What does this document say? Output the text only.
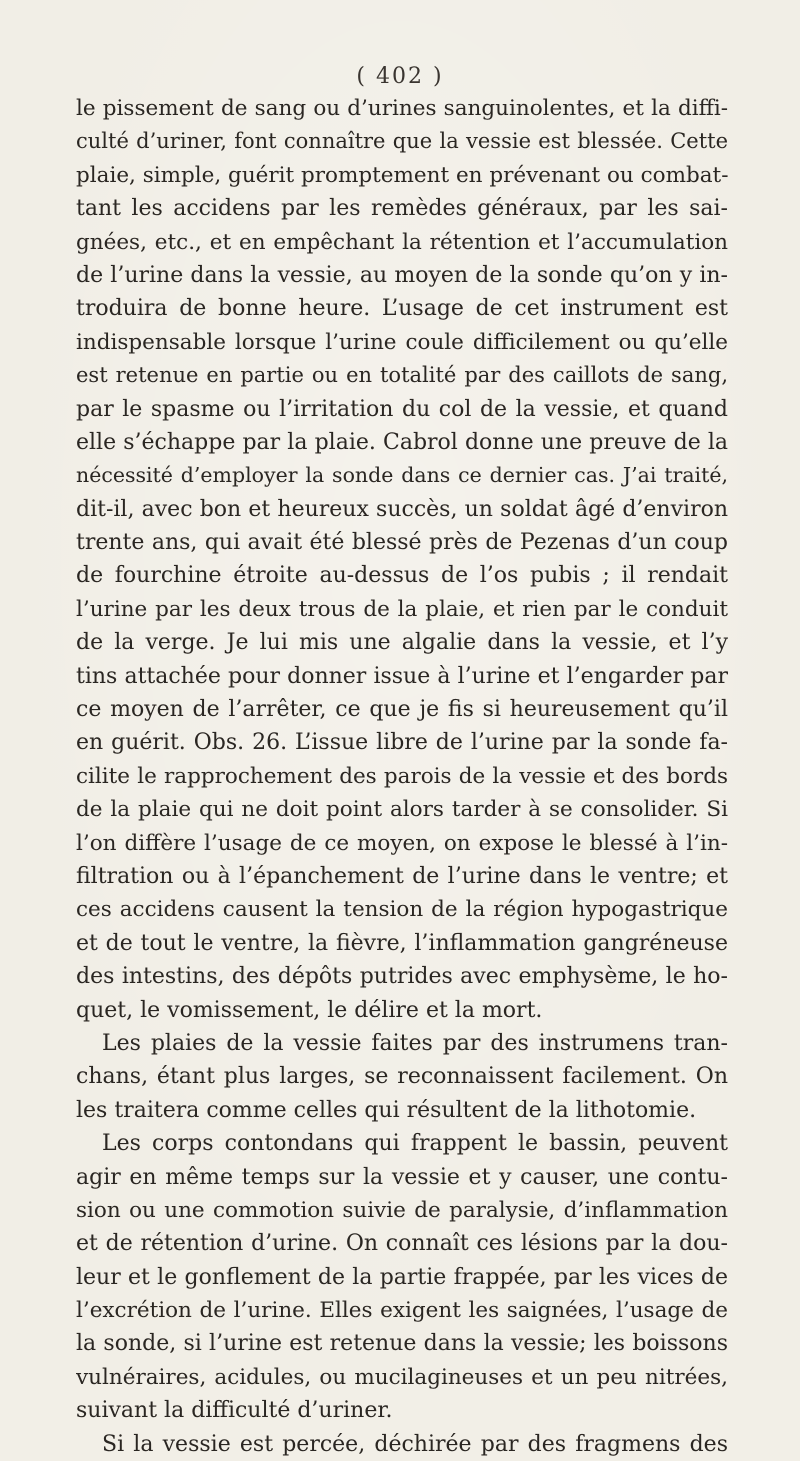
( 402 )
le pissement de sang ou d’urines sanguinolentes, et la diffi-
culté d’uriner, font connaître que la vessie est blessée. Cette
plaie, simple, guérit promptement en prévenant ou combat-
tant les accidens par les remèdes généraux, par les sai-
gnées, etc., et en empêchant la rétention et l’accumulation
de l’urine dans la vessie, au moyen de la sonde qu’on y in-
troduira de bonne heure. L’usage de cet instrument est
indispensable lorsque l’urine coule difficilement ou qu’elle
est retenue en partie ou en totalité par des caillots de sang,
par le spasme ou l’irritation du col de la vessie, et quand
elle s’échappe par la plaie. Cabrol donne une preuve de la
nécessité d’employer la sonde dans ce dernier cas. J’ai traité,
dit-il, avec bon et heureux succès, un soldat âgé d’environ
trente ans, qui avait été blessé près de Pezenas d’un coup
de fourchine étroite au-dessus de l’os pubis ; il rendait
l’urine par les deux trous de la plaie, et rien par le conduit
de la verge. Je lui mis une algalie dans la vessie, et l’y
tins attachée pour donner issue à l’urine et l’engarder par
ce moyen de l’arrêter, ce que je fis si heureusement qu’il
en guérit. Obs. 26. L’issue libre de l’urine par la sonde fa-
cilite le rapprochement des parois de la vessie et des bords
de la plaie qui ne doit point alors tarder à se consolider. Si
l’on diffère l’usage de ce moyen, on expose le blessé à l’in-
filtration ou à l’épanchement de l’urine dans le ventre; et
ces accidens causent la tension de la région hypogastrique
et de tout le ventre, la fièvre, l’inflammation gangréneuse
des intestins, des dépôts putrides avec emphysème, le ho-
quet, le vomissement, le délire et la mort.
Les plaies de la vessie faites par des instrumens tran-
chans, étant plus larges, se reconnaissent facilement. On
les traitera comme celles qui résultent de la lithotomie.
Les corps contondans qui frappent le bassin, peuvent
agir en même temps sur la vessie et y causer, une contu-
sion ou une commotion suivie de paralysie, d’inflammation
et de rétention d’urine. On connaît ces lésions par la dou-
leur et le gonflement de la partie frappée, par les vices de
l’excrétion de l’urine. Elles exigent les saignées, l’usage de
la sonde, si l’urine est retenue dans la vessie; les boissons
vulnéraires, acidules, ou mucilagineuses et un peu nitrées,
suivant la difficulté d’uriner.
Si la vessie est percée, déchirée par des fragmens des
